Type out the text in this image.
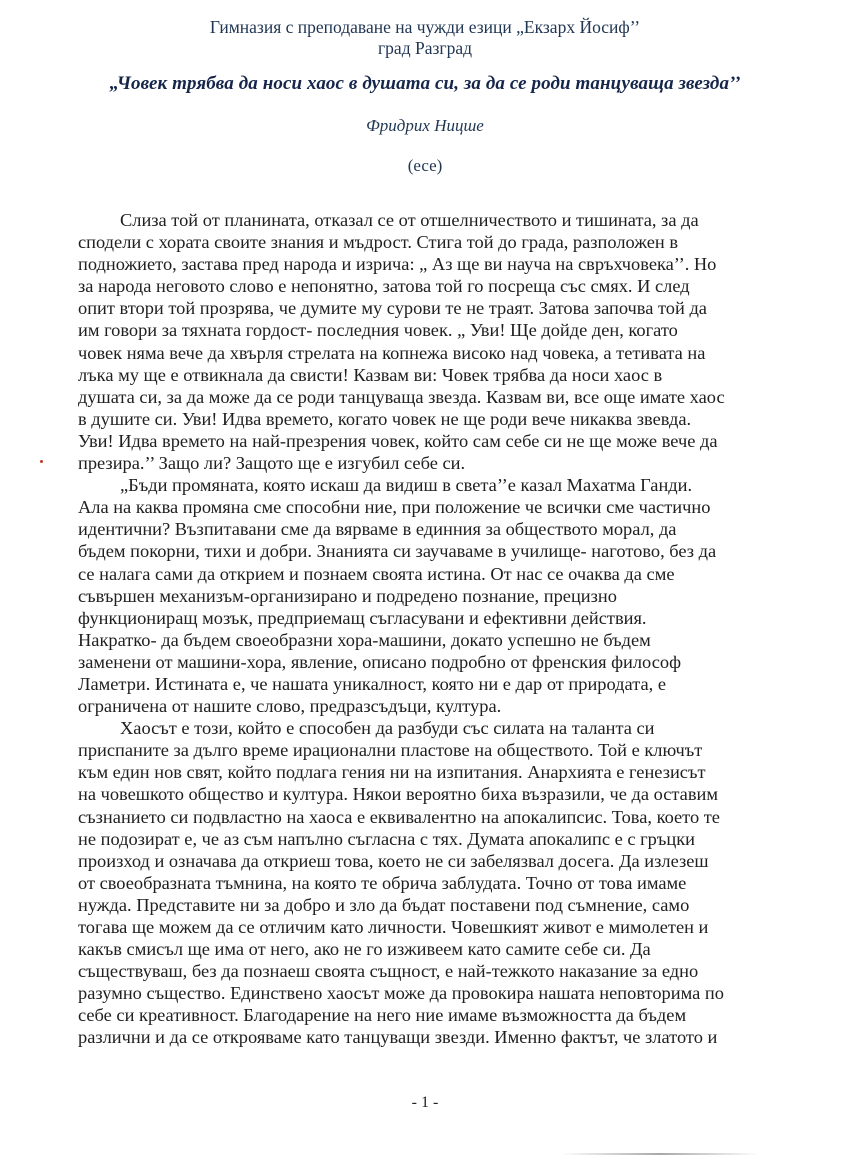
Гимназия с преподаване на чужди езици „Екзарх Йосиф’’
град Разград
„Човек трябва да носи хаос в душата си, за да се роди танцуваща звезда’’
Фридрих Ницше
(есе)

Слиза той от планината, отказал се от отшелничеството и тишината, за да
сподели с хората своите знания и мъдрост. Стига той до града, разположен в
подножието, застава пред народа и изрича: „ Аз ще ви науча на свръхчовека’’. Но
за народа неговото слово е непонятно, затова той го посреща със смях. И след
опит втори той прозрява, че думите му сурови те не траят. Затова започва той да
им говори за тяхната гордост- последния човек. „ Уви! Ще дойде ден, когато
човек няма вече да хвърля стрелата на копнежа високо над човека, а тетивата на
лъка му ще е отвикнала да свисти! Казвам ви: Човек трябва да носи хаос в
душата си, за да може да се роди танцуваща звезда. Казвам ви, все още имате хаос
в душите си. Уви! Идва времето, когато човек не ще роди вече никаква звевда.
Уви! Идва времето на най-презрения човек, който сам себе си не ще може вече да
презира.’’ Защо ли? Защото ще е изгубил себе си.

„Бъди промяната, която искаш да видиш в света’’е казал Махатма Ганди.
Ала на каква промяна сме способни ние, при положение че всички сме частично
идентични? Възпитавани сме да вярваме в единния за обществото морал, да
бъдем покорни, тихи и добри. Знанията си заучаваме в училище- наготово, без да
се налага сами да открием и познаем своята истина. От нас се очаква да сме
съвършен механизъм-организирано и подредено познание, прецизно
функциониращ мозък, предприемащ съгласувани и ефективни действия.
Накратко- да бъдем своеобразни хора-машини, докато успешно не бъдем
заменени от машини-хора, явление, описано подробно от френския философ
Ламетри. Истината е, че нашата уникалност, която ни е дар от природата, е
ограничена от нашите слово, предразсъдъци, култура.

Хаосът е този, който е способен да разбуди със силата на таланта си
приспаните за дълго време ирационални пластове на обществото. Той е ключът
към един нов свят, който подлага гения ни на изпитания. Анархията е генезисът
на човешкото общество и култура. Някои вероятно биха възразили, че да оставим
съзнанието си подвластно на хаоса е еквивалентно на апокалипсис. Това, което те
не подозират е, че аз съм напълно съгласна с тях. Думата апокалипс е с гръцки
произход и означава да откриеш това, което не си забелязвал досега. Да излезеш
от своеобразната тъмнина, на която те обрича заблудата. Точно от това имаме
нужда. Представите ни за добро и зло да бъдат поставени под съмнение, само
тогава ще можем да се отличим като личности. Човешкият живот е мимолетен и
какъв смисъл ще има от него, ако не го изживеем като самите себе си. Да
съществуваш, без да познаеш своята същност, е най-тежкото наказание за едно
разумно същество. Единствено хаосът може да провокира нашата неповторима по
себе си креативност. Благодарение на него ние имаме възможността да бъдем
различни и да се открояваме като танцуващи звезди. Именно фактът, че златото и

- 1 -
